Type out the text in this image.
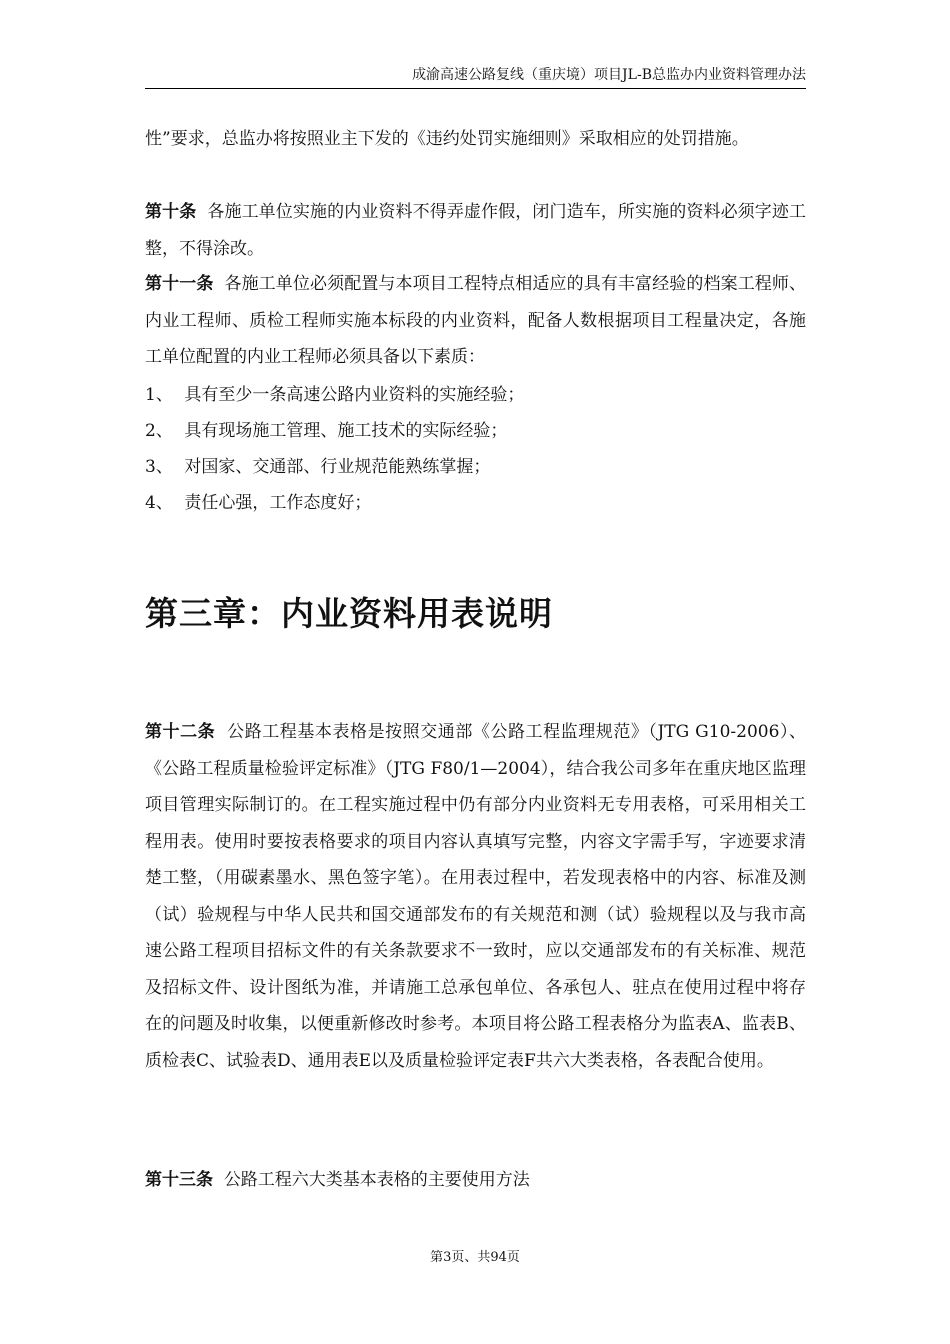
成渝高速公路复线（重庆境）项目JL-B总监办内业资料管理办法
性”要求，总监办将按照业主下发的《违约处罚实施细则》采取相应的处罚措施。
第十条 各施工单位实施的内业资料不得弄虚作假，闭门造车，所实施的资料必须字迹工整，不得涂改。
第十一条 各施工单位必须配置与本项目工程特点相适应的具有丰富经验的档案工程师、内业工程师、质检工程师实施本标段的内业资料，配备人数根据项目工程量决定，各施工单位配置的内业工程师必须具备以下素质：
1、 具有至少一条高速公路内业资料的实施经验；
2、 具有现场施工管理、施工技术的实际经验；
3、 对国家、交通部、行业规范能熟练掌握；
4、 责任心强，工作态度好；
第三章：内业资料用表说明
第十二条 公路工程基本表格是按照交通部《公路工程监理规范》（JTG G10-2006）、《公路工程质量检验评定标准》（JTG F80/1—2004），结合我公司多年在重庆地区监理项目管理实际制订的。在工程实施过程中仍有部分内业资料无专用表格，可采用相关工程用表。使用时要按表格要求的项目内容认真填写完整，内容文字需手写，字迹要求清楚工整，（用碳素墨水、黑色签字笔）。在用表过程中，若发现表格中的内容、标准及测（试）验规程与中华人民共和国交通部发布的有关规范和测（试）验规程以及与我市高速公路工程项目招标文件的有关条款要求不一致时，应以交通部发布的有关标准、规范及招标文件、设计图纸为准，并请施工总承包单位、各承包人、驻点在使用过程中将存在的问题及时收集，以便重新修改时参考。本项目将公路工程表格分为监表A、监表B、质检表C、试验表D、通用表E以及质量检验评定表F共六大类表格，各表配合使用。
第十三条 公路工程六大类基本表格的主要使用方法
第3页、共94页
